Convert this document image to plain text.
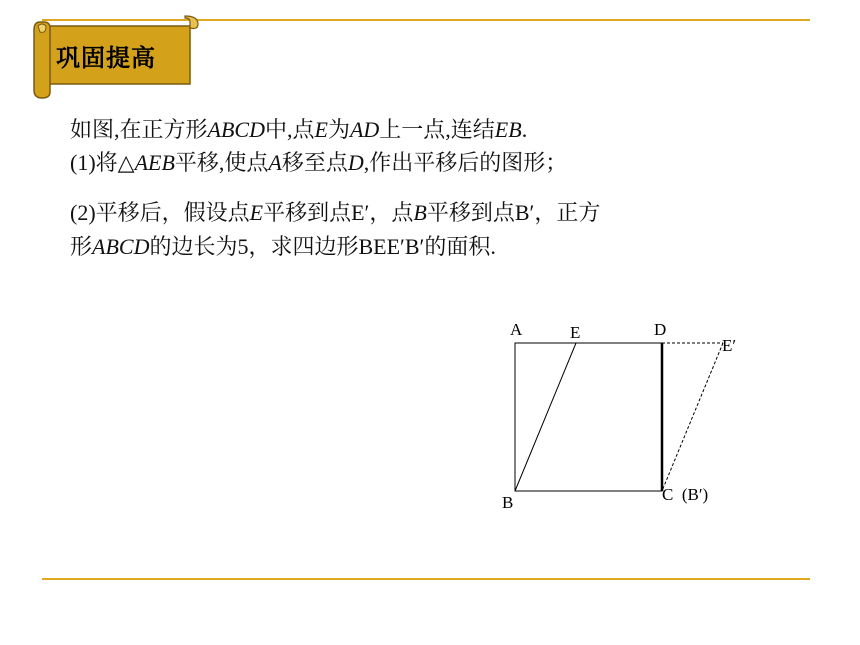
巩固提高
如图,在正方形ABCD中,点E为AD上一点,连结EB.
(1)将△AEB平移,使点A移至点D,作出平移后的图形；
(2)平移后，假设点E平移到点E′，点B平移到点B′，正方
形ABCD的边长为5，求四边形BEE′B′的面积.
A	E	D
E′
B	C  (B′)
